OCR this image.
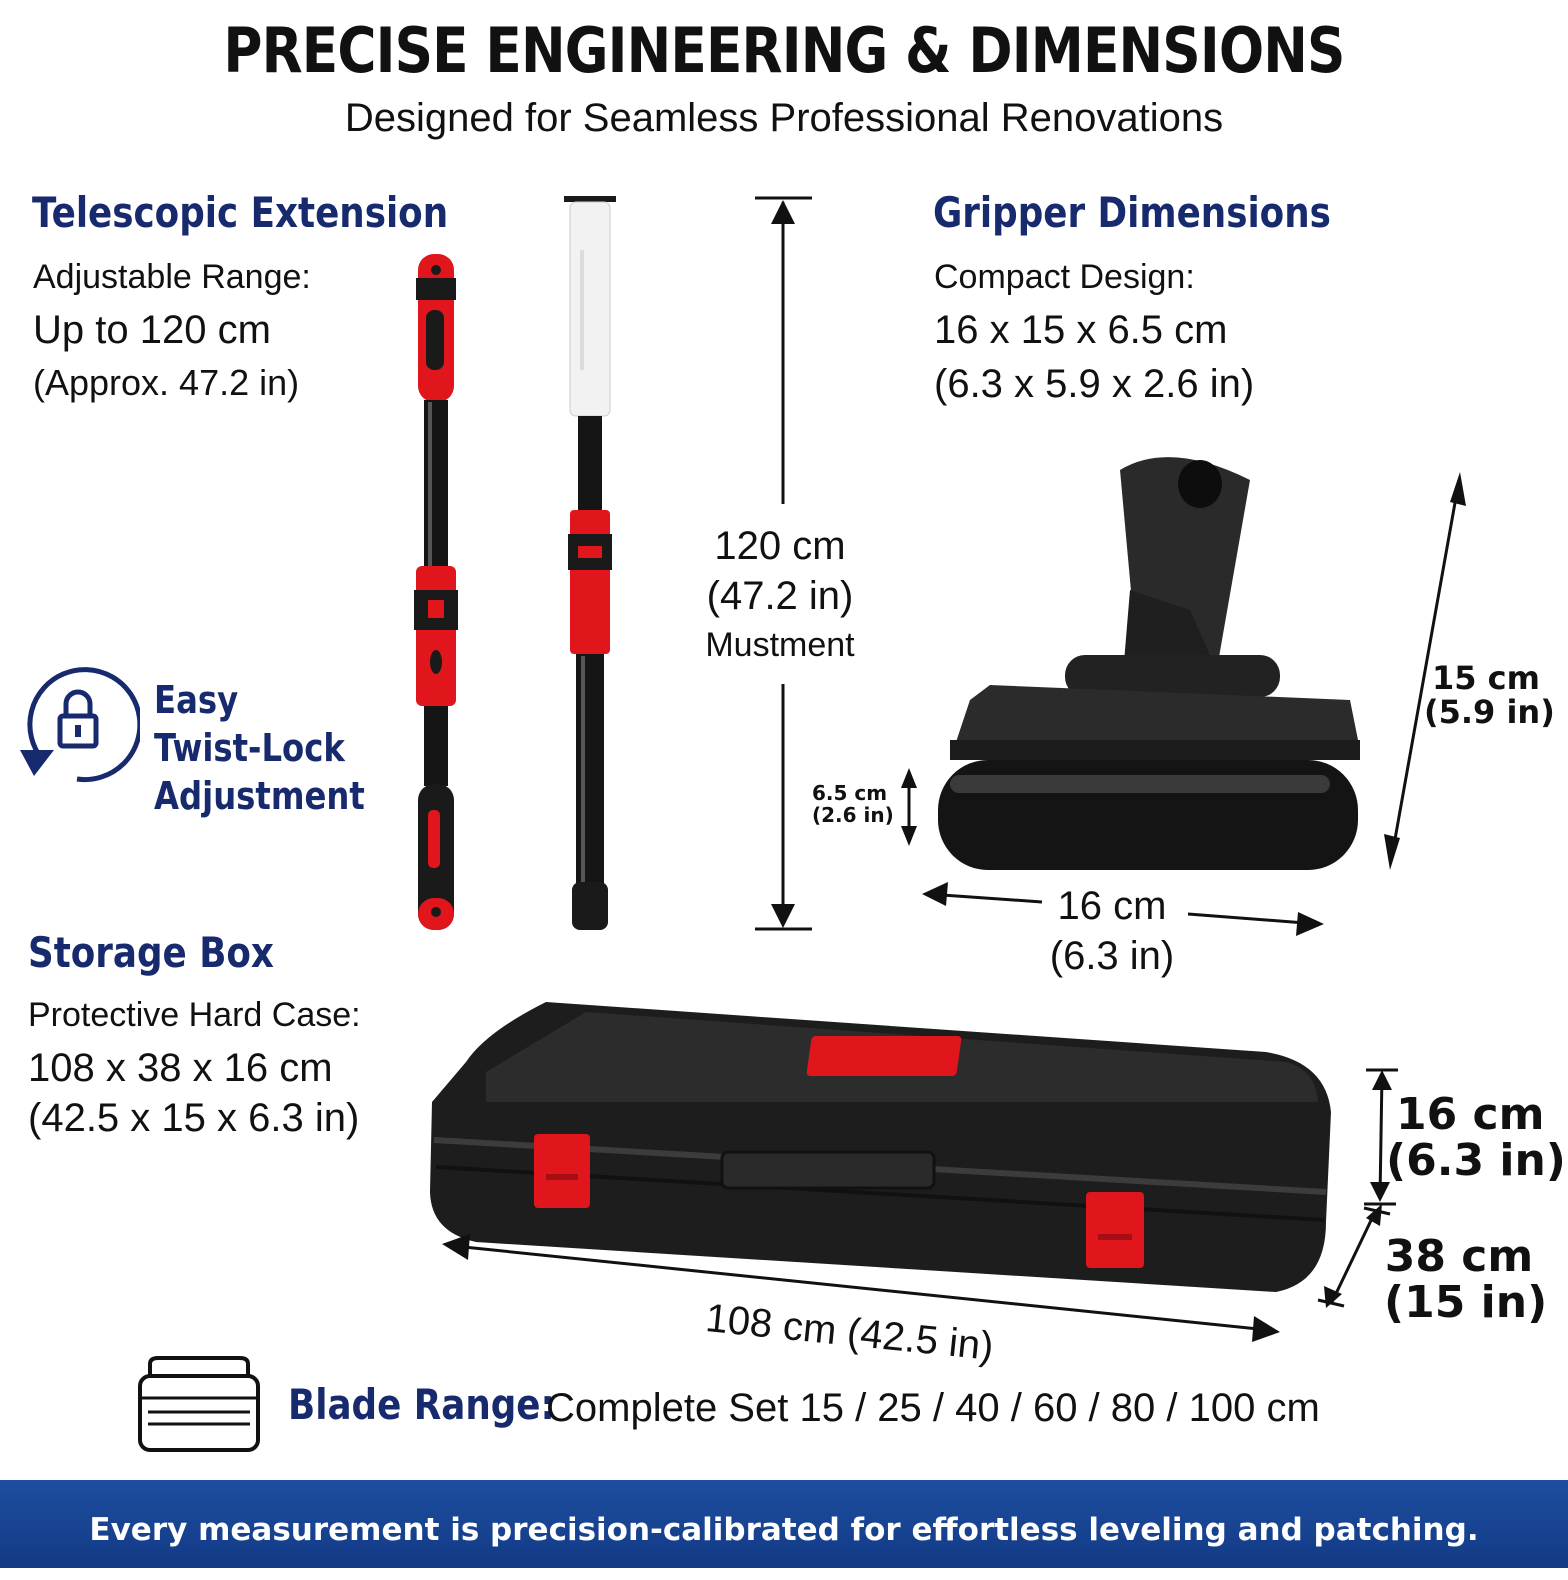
PRECISE ENGINEERING & DIMENSIONS
Designed for Seamless Professional Renovations
Telescopic Extension
Adjustable Range:
Up to 120 cm
(Approx. 47.2 in)
Easy
Twist-Lock
Adjustment
120 cm
(47.2 in)
Mustment
Gripper Dimensions
Compact Design:
16 x 15 x 6.5 cm
(6.3 x 5.9 x 2.6 in)
6.5 cm
(2.6 in)
15 cm
(5.9 in)
16 cm
(6.3 in)
Storage Box
Protective Hard Case:
108 x 38 x 16 cm
(42.5 x 15 x 6.3 in)	16 cm
(6.3 in)
38 cm
(15 in)
108 cm (42.5 in)
Blade Range:
Complete Set 15 / 25 / 40 / 60 / 80 / 100 cm
Every measurement is precision-calibrated for effortless leveling and patching.
